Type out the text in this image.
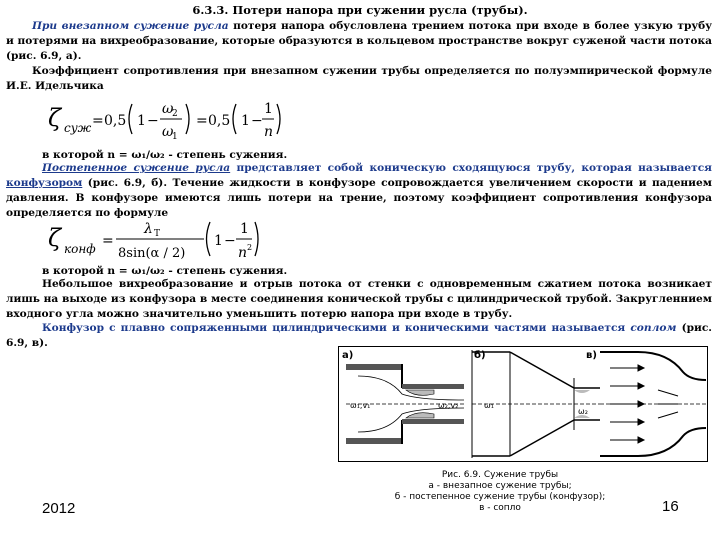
6.3.3. Потери напора при сужении русла (трубы).
При внезапном сужение русла потеря напора обусловлена трением потока при входе в более узкую трубу и потерями на вихреобразование, которые образуются в кольцевом пространстве вокруг суженой части потока (рис. 6.9, а).
Коэффициент сопротивления при внезапном сужении трубы определяется по полуэмпирической формуле И.Е. Идельчика
ζ суж = 0,5 1 −
ω
2
ω
1
= 0,5 1 −
1
n
в которой n = ω₁/ω₂ - степень сужения.
Постепенное сужение русла представляет собой коническую сходящуюся трубу, которая называется конфузором (рис. 6.9, б). Течение жидкости в конфузоре сопровождается увеличением скорости и падением давления. В конфузоре имеются лишь потери на трение, поэтому коэффициент сопротивления конфузора определяется по формуле
ζ конф =
λ T
8sin(α / 2)
1 −
1
n 2
в которой n = ω₁/ω₂ - степень сужения.
Небольшое вихреобразование и отрыв потока от стенки с одновременным сжатием потока возникает лишь на выходе из конфузора в месте соединения конической трубы с цилиндрической трубой. Закругленнием входного угла можно значительно уменьшить потерю напора при входе в трубу.
Конфузор с плавно сопряженными цилиндрическими и коническими частями называется соплом (рис. 6.9, в).
а)
ω₁,v₁	ω₂,v₂
б)
ω₁
ω₂
в)
Рис. 6.9. Сужение трубы
а - внезапное сужение трубы;
б - постепенное сужение трубы (конфузор);
в - сопло
2012	16
